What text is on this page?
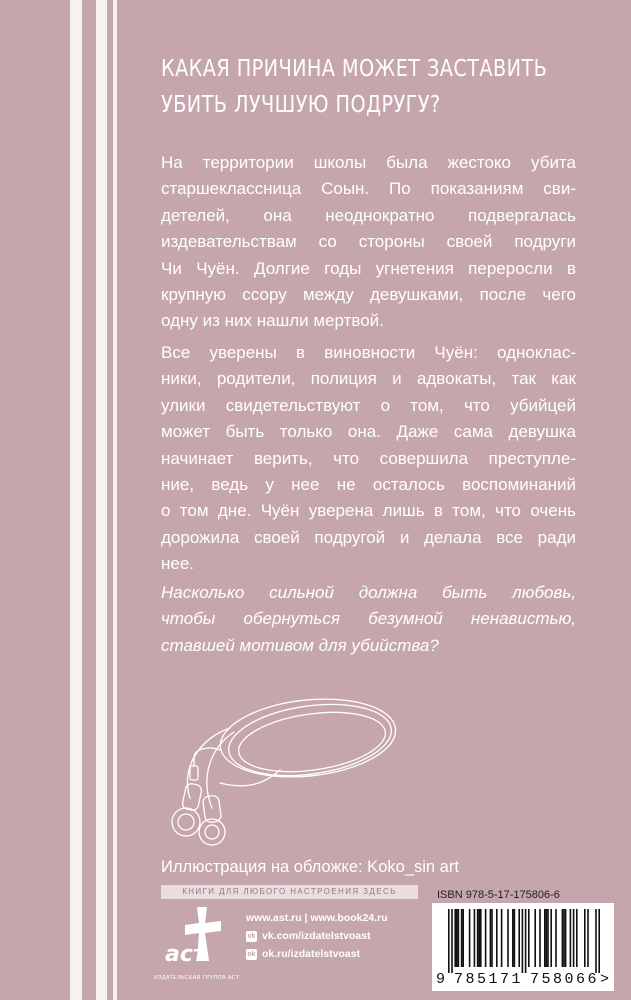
КАКАЯ ПРИЧИНА МОЖЕТ ЗАСТАВИТЬ
УБИТЬ ЛУЧШУЮ ПОДРУГУ?

На территории школы была жестоко убита
старшеклассница Соын. По показаниям сви-
детелей, она неоднократно подвергалась
издевательствам со стороны своей подруги
Чи Чуён. Долгие годы угнетения переросли в
крупную ссору между девушками, после чего
одну из них нашли мертвой.

Все уверены в виновности Чуён: одноклас-
ники, родители, полиция и адвокаты, так как
улики свидетельствуют о том, что убийцей
может быть только она. Даже сама девушка
начинает верить, что совершила преступле-
ние, ведь у нее не осталось воспоминаний
о том дне. Чуён уверена лишь в том, что очень
дорожила своей подругой и делала все ради
нее.

Насколько сильной должна быть любовь,
чтобы обернуться безумной ненавистью,
ставшей мотивом для убийства?

Иллюстрация на обложке: Koko_sin art
КНИГИ ДЛЯ ЛЮБОГО НАСТРОЕНИЯ ЗДЕСЬ
аст
ИЗДАТЕЛЬСКАЯ ГРУППА АСТ
www.ast.ru | www.book24.ru
vk vk.com/izdatelstvoast
ok ok.ru/izdatelstvoast
ISBN 978-5-17-175806-6
9 785171 758066 >
